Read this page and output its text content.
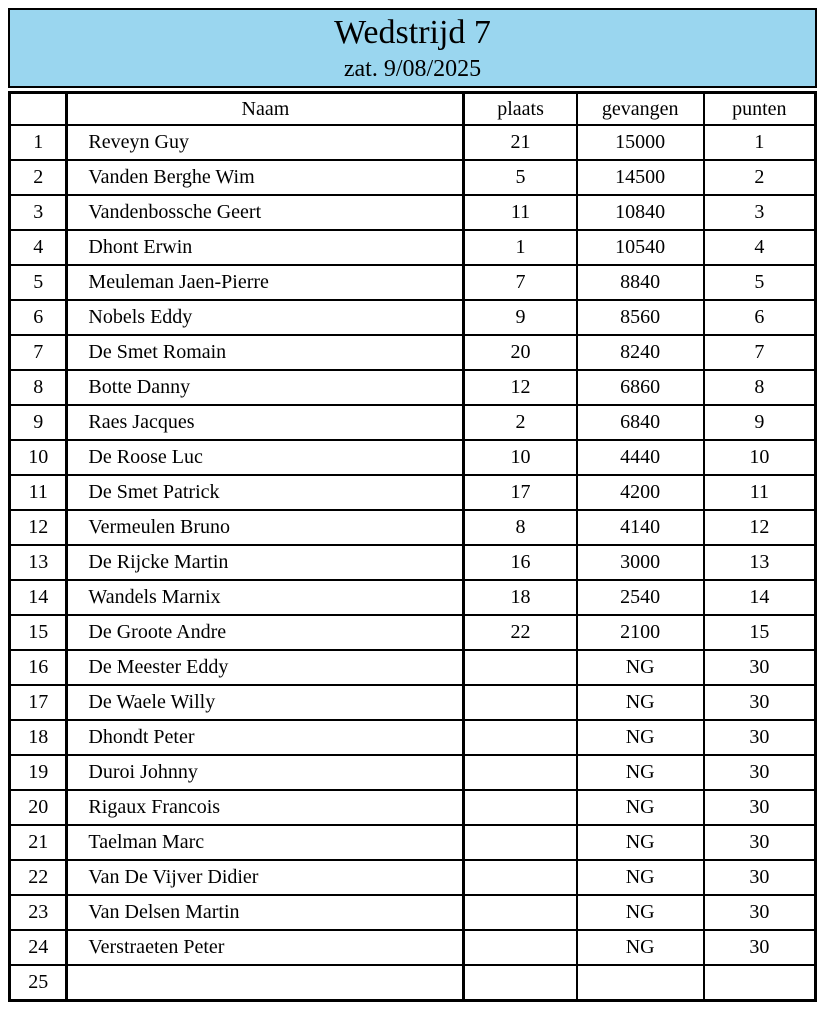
Wedstrijd 7
zat. 9/08/2025
	Naam	plaats	gevangen	punten
1	Reveyn Guy	21	15000	1
2	Vanden Berghe Wim	5	14500	2
3	Vandenbossche Geert	11	10840	3
4	Dhont Erwin	1	10540	4
5	Meuleman Jaen-Pierre	7	8840	5
6	Nobels Eddy	9	8560	6
7	De Smet Romain	20	8240	7
8	Botte Danny	12	6860	8
9	Raes Jacques	2	6840	9
10	De Roose Luc	10	4440	10
11	De Smet Patrick	17	4200	11
12	Vermeulen Bruno	8	4140	12
13	De Rijcke Martin	16	3000	13
14	Wandels Marnix	18	2540	14
15	De Groote Andre	22	2100	15
16	De Meester Eddy		NG	30
17	De Waele Willy		NG	30
18	Dhondt Peter		NG	30
19	Duroi Johnny		NG	30
20	Rigaux Francois		NG	30
21	Taelman Marc		NG	30
22	Van De Vijver Didier		NG	30
23	Van Delsen Martin		NG	30
24	Verstraeten Peter		NG	30
25				
